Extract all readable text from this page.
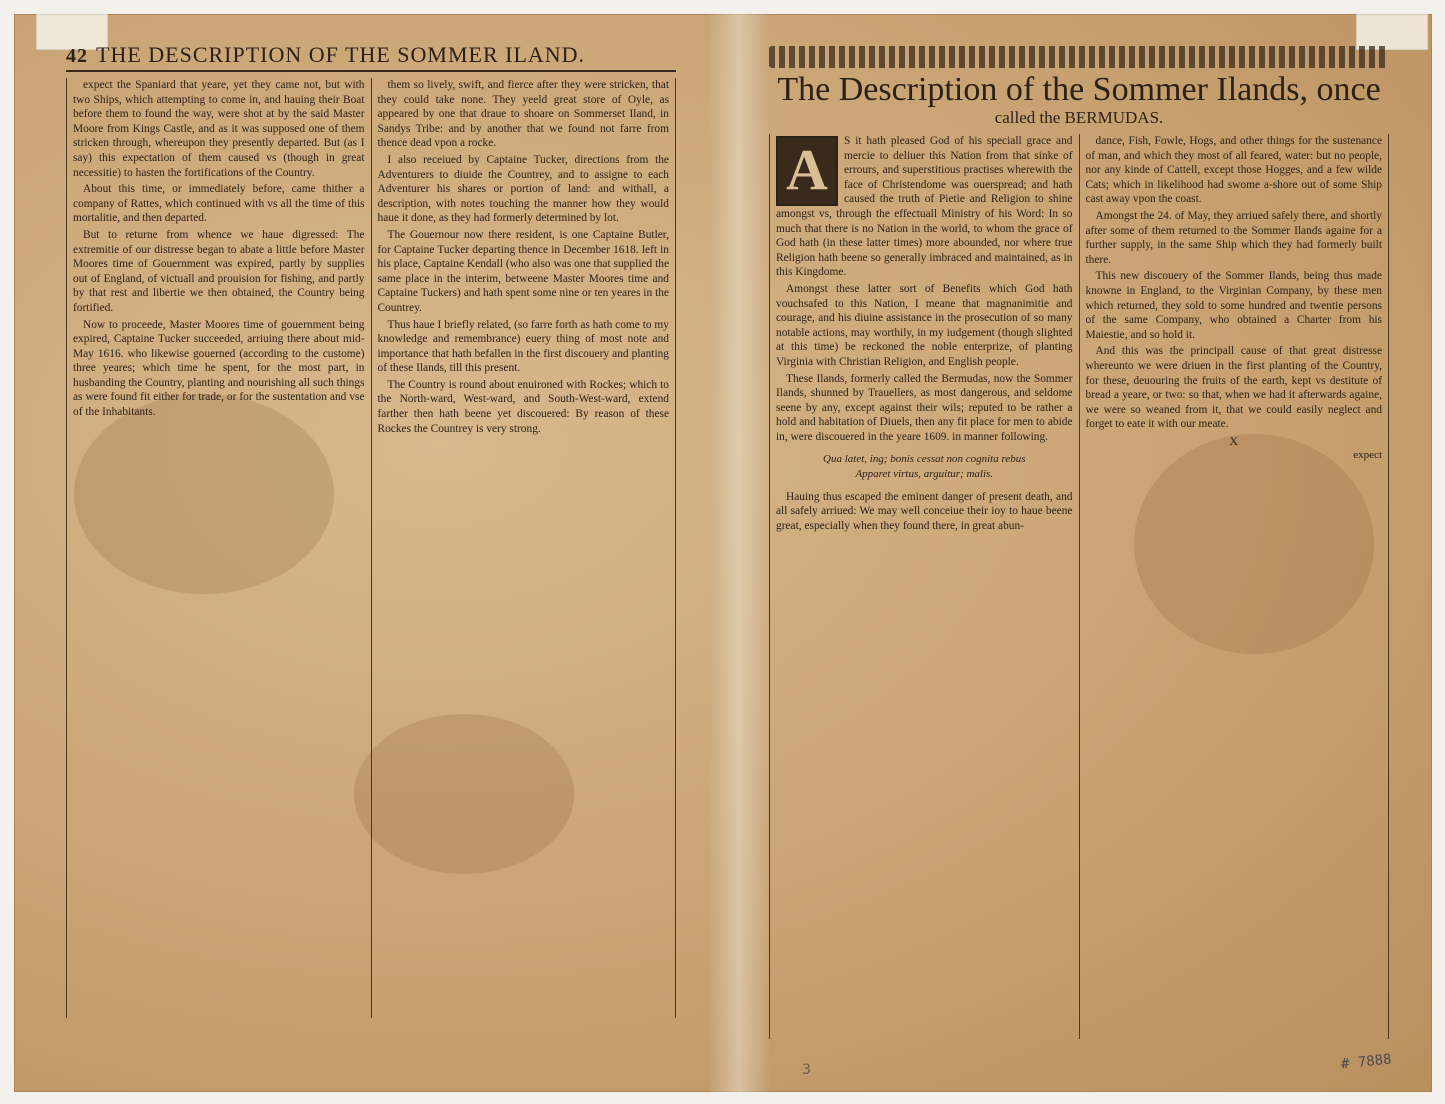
42 THE DESCRIPTION OF THE SOMMER ILAND.

expect the Spaniard that yeare, yet they came not, but with two Ships, which attempting to come in, and hauing their Boat before them to found the way, were shot at by the said Master Moore from Kings Castle, and as it was supposed one of them stricken through, whereupon they presently departed. But (as I say) this expectation of them caused vs (though in great necessitie) to hasten the fortifications of the Country.

About this time, or immediately before, came thither a company of Rattes, which continued with vs all the time of this mortalitie, and then departed.

But to returne from whence we haue digressed: The extremitie of our distresse began to abate a little before Master Moores time of Gouernment was expired, partly by supplies out of England, of victuall and prouision for fishing, and partly by that rest and libertie we then obtained, the Country being fortified.

Now to proceede, Master Moores time of gouernment being expired, Captaine Tucker succeeded, arriuing there about mid-May 1616. who likewise gouerned (according to the custome) three yeares; which time he spent, for the most part, in husbanding the Country, planting and nourishing all such things as were found fit either for trade, or for the sustentation and vse of the Inhabitants.

them so lively, swift, and fierce after they were stricken, that they could take none. They yeeld great store of Oyle, as appeared by one that draue to shoare on Sommerset Iland, in Sandys Tribe: and by another that we found not farre from thence dead vpon a rocke.

I also receiued by Captaine Tucker, directions from the Adventurers to diuide the Countrey, and to assigne to each Adventurer his shares or portion of land: and withall, a description, with notes touching the manner how they would haue it done, as they had formerly determined by lot.

The Gouernour now there resident, is one Captaine Butler, for Captaine Tucker departing thence in December 1618. left in his place, Captaine Kendall (who also was one that supplied the same place in the interim, betweene Master Moores time and Captaine Tuckers) and hath spent some nine or ten yeares in the Countrey.

Thus haue I briefly related, (so farre forth as hath come to my knowledge and remembrance) euery thing of most note and importance that hath befallen in the first discouery and planting of these Ilands, till this present.

The Country is round about enuironed with Rockes; which to the North-ward, West-ward, and South-West-ward, extend farther then hath beene yet discouered: By reason of these Rockes the Countrey is very strong.

The Description of the Sommer Ilands, once
called the BERMUDAS.
A	S it hath pleased God of his speciall grace and mercie to deliuer this Nation from that sinke of errours, and superstitious practises wherewith the face of Christendome was ouerspread; and hath caused the truth of Pietie and Religion to shine amongst vs, through the effectuall Ministry of his Word: In so much that there is no Nation in the world, to whom the grace of God hath (in these latter times) more abounded, nor where true Religion hath beene so generally imbraced and maintained, as in this Kingdome.

Amongst these latter sort of Benefits which God hath vouchsafed to this Nation, I meane that magnanimitie and courage, and his diuine assistance in the prosecution of so many notable actions, may worthily, in my iudgement (though slighted at this time) be reckoned the noble enterprize, of planting Virginia with Christian Religion, and English people.

These Ilands, formerly called the Bermudas, now the Sommer Ilands, shunned by Trauellers, as most dangerous, and seldome seene by any, except against their wils; reputed to be rather a hold and habitation of Diuels, then any fit place for men to abide in, were discouered in the yeare 1609. in manner following.

Qua latet, ing; bonis cessat non cognita rebus
Apparet virtus, arguitur; malis.

Hauing thus escaped the eminent danger of present death, and all safely arriued: We may well conceiue their ioy to haue beene great, especially when they found there, in great abun-

dance, Fish, Fowle, Hogs, and other things for the sustenance of man, and which they most of all feared, water: but no people, nor any kinde of Cattell, except those Hogges, and a few wilde Cats; which in likelihood had swome a-shore out of some Ship cast away vpon the coast.

Amongst the 24. of May, they arriued safely there, and shortly after some of them returned to the Sommer Ilands againe for a further supply, in the same Ship which they had formerly built there.

This new discouery of the Sommer Ilands, being thus made knowne in England, to the Virginian Company, by these men which returned, they sold to some hundred and twentie persons of the same Company, who obtained a Charter from his Maiestie, and so hold it.

And this was the principall cause of that great distresse whereunto we were driuen in the first planting of the Country, for these, deuouring the fruits of the earth, kept vs destitute of bread a yeare, or two: so that, when we had it afterwards againe, we were so weaned from it, that we could easily neglect and forget to eate it with our meate.

X
expect
3	# 7888
